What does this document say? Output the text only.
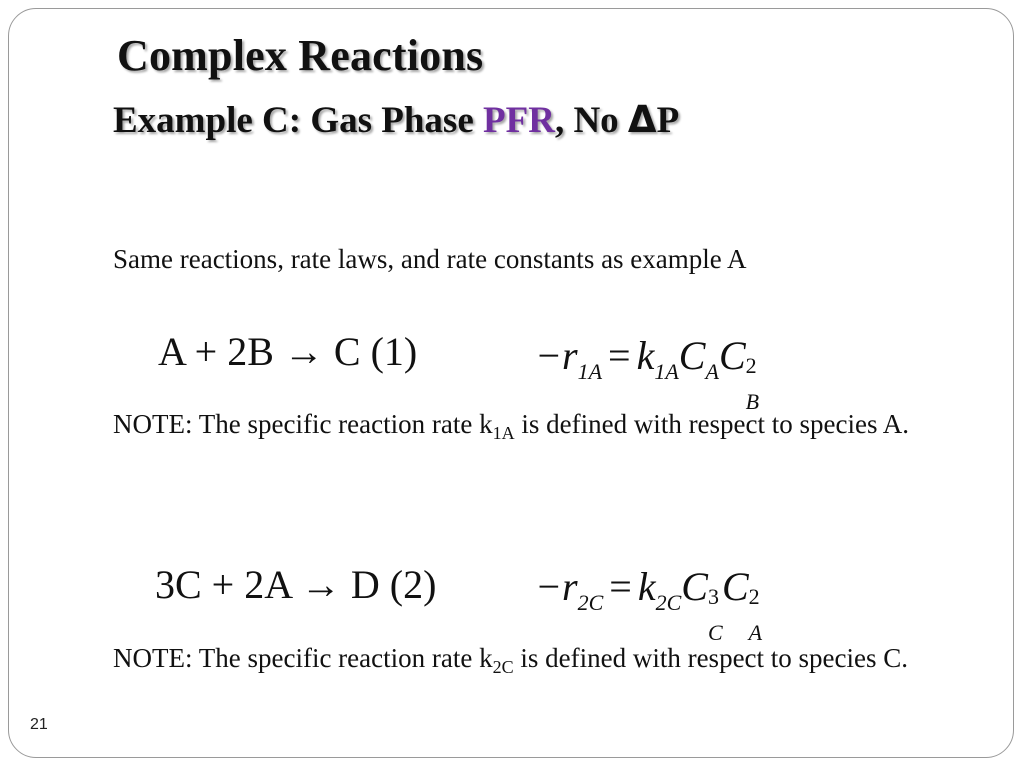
Complex Reactions
Example C: Gas Phase PFR, No ΔP
Same reactions, rate laws, and rate constants as example A
A + 2B → C (1)	$-r_{1A} = k_{1A}C_AC$ 2
B
NOTE: The specific reaction rate $k_{1A}$ is defined with respect to species A.
3C + 2A → D $(2) -r_{2C} = k_{2C}C$ 3
C
C 2
A
NOTE: The specific reaction rate $k_{2C}$ is defined with respect to species C.
21
